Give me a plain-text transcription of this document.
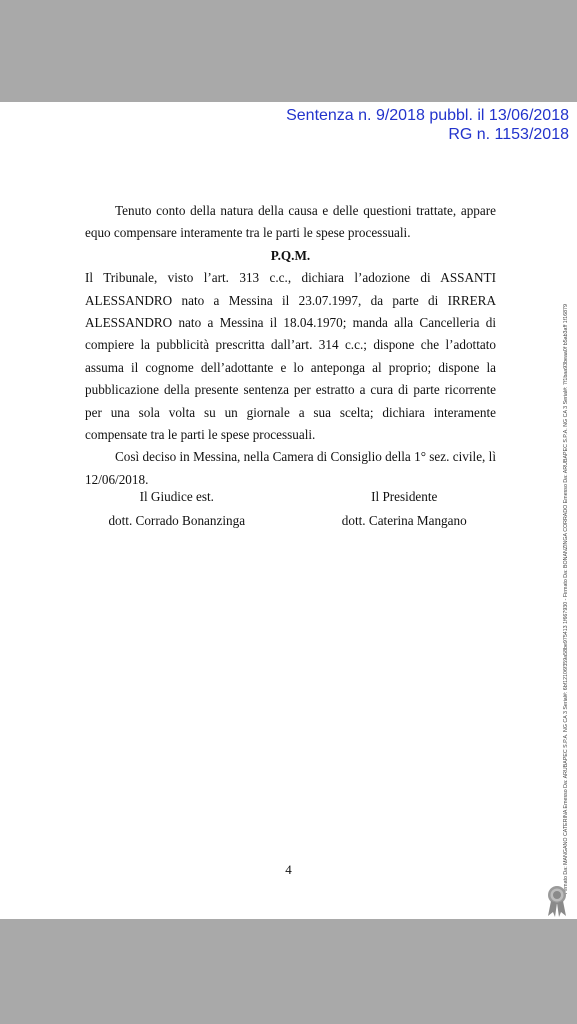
Sentenza n. 9/2018 pubbl. il 13/06/2018
RG n. 1153/2018

Tenuto conto della natura della causa e delle questioni trattate, appare equo compensare interamente tra le parti le spese processuali.

P.Q.M.

Il Tribunale, visto l’art. 313 c.c., dichiara l’adozione di ASSANTI ALESSANDRO nato a Messina il 23.07.1997, da parte di IRRERA ALESSANDRO nato a Messina il 18.04.1970; manda alla Cancelleria di compiere la pubblicità prescritta dall’art. 314 c.c.; dispone che l’adottato assuma il cognome dell’adottante e lo anteponga al proprio; dispone la pubblicazione della presente sentenza per estratto a cura di parte ricorrente per una sola volta su un giornale a sua scelta; dichiara interamente compensate tra le parti le spese processuali.

Così deciso in Messina, nella Camera di Consiglio della 1° sez. civile, lì 12/06/2018.

Il Giudice est.	Il Presidente
dott. Corrado Bonanzinga	dott. Caterina Mangano
4	Firmato Da: MANGANO CATERINA Emesso Da: ARUBAPEC S.P.A. NG CA 3 Serial#: 6bf12106f359a58be975413 1f667930 - Firmato Da: BONANZINGA CORRADO Emesso Da: ARUBAPEC S.P.A. NG CA 3 Serial#: 7f1baa93beaa0f b5ab3aff 1f16879
